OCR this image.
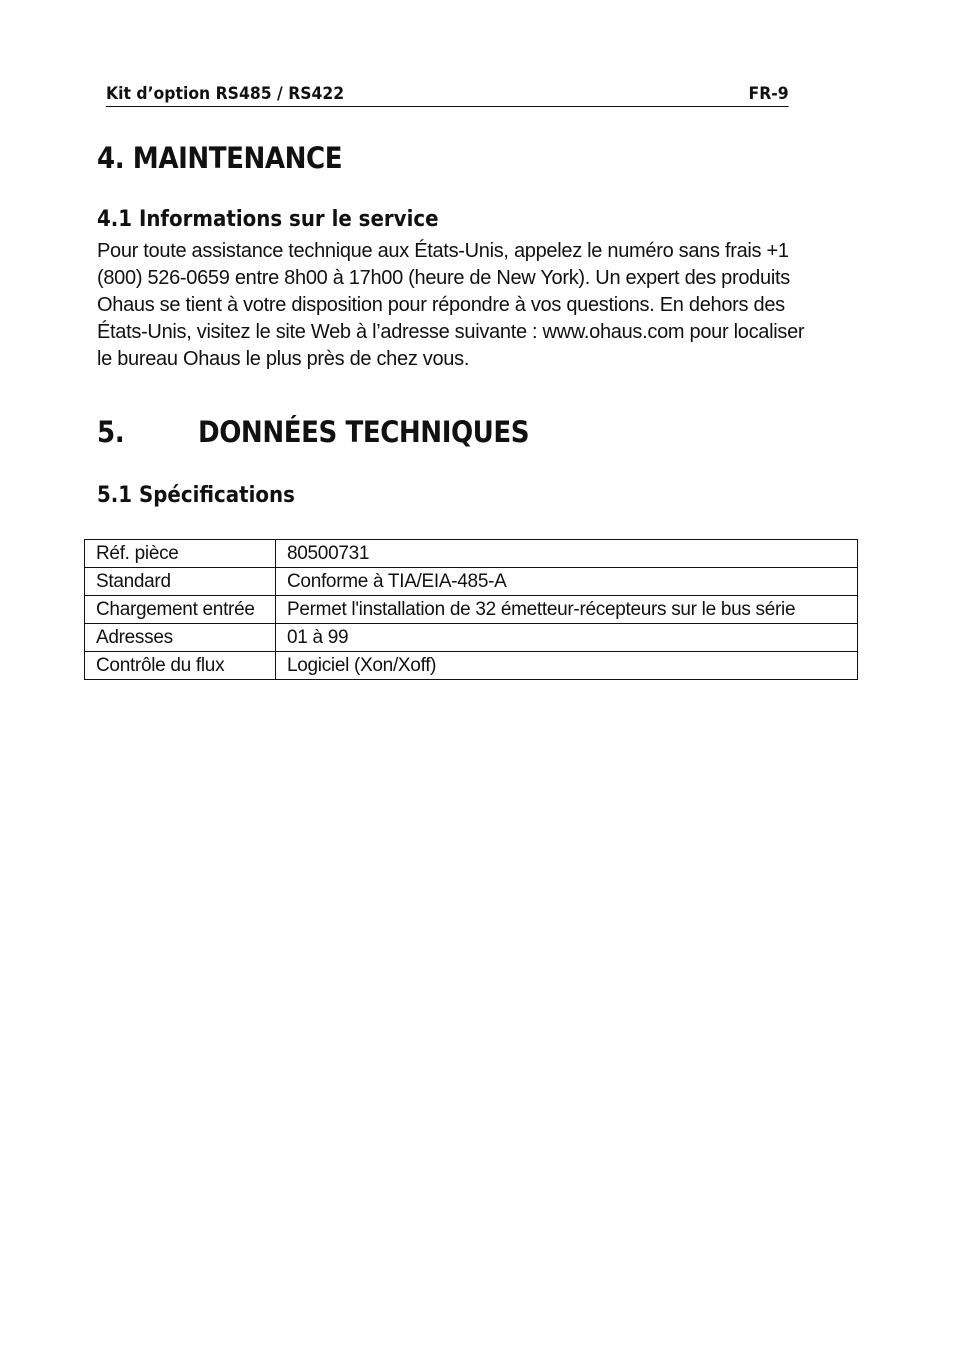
Kit d’option RS485 / RS422	FR-9
4. MAINTENANCE
4.1 Informations sur le service
Pour toute assistance technique aux États-Unis, appelez le numéro sans frais +1
(800) 526-0659 entre 8h00 à 17h00 (heure de New York). Un expert des produits
Ohaus se tient à votre disposition pour répondre à vos questions. En dehors des
États-Unis, visitez le site Web à l’adresse suivante : www.ohaus.com pour localiser
le bureau Ohaus le plus près de chez vous.
5.	DONNÉES TECHNIQUES
5.1 Spécifications
Réf. pièce	80500731
Standard	Conforme à TIA/EIA-485-A
Chargement entrée	Permet l'installation de 32 émetteur-récepteurs sur le bus série
Adresses	01 à 99
Contrôle du flux	Logiciel (Xon/Xoff)
